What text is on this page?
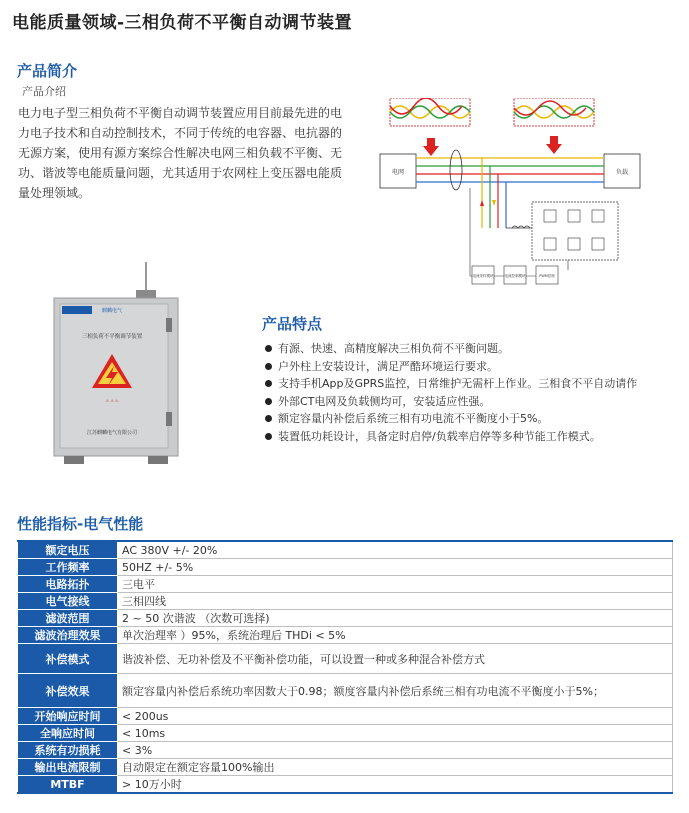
电能质量领域-三相负荷不平衡自动调节装置
产品简介
产品介绍
电力电子型三相负荷不平衡自动调节装置应用目前最先进的电力电子技术和自动控制技术，不同于传统的电容器、电抗器的无源方案，使用有源方案综合性解决电网三相负载不平衡、无功、谐波等电能质量问题，尤其适用于农网柱上变压器电能质量处理领域。
电网	负载
电流采样模块	电流控制模块	PWM控制
麒麟电气
三相负荷不平衡调节装置
⚠ ⚠ ⚠
江苏麒麟电气有限公司
产品特点
有源、快速、高精度解决三相负荷不平衡问题。
户外柱上安装设计，满足严酷环境运行要求。
支持手机App及GPRS监控，日常维护无需杆上作业。三相食不平自动请作
外部CT电网及负载侧均可，安装适应性强。
额定容量内补偿后系统三相有功电流不平衡度小于5%。
装置低功耗设计，具备定时启停/负载率启停等多种节能工作模式。
性能指标-电气性能
额定电压	AC 380V +/- 20%
工作频率	50HZ +/- 5%
电路拓扑	三电平
电气接线	三相四线
滤波范围	2 ~ 50 次谐波 （次数可选择)
滤波治理效果	单次治理率 ）95%，系统治理后 THDi < 5%
补偿模式	谐波补偿、无功补偿及不平衡补偿功能，可以设置一种或多种混合补偿方式
补偿效果	额定容量内补偿后系统功率因数大于0.98；额度容量内补偿后系统三相有功电流不平衡度小于5%；
开始响应时间	< 200us
全响应时间	< 10ms
系统有功损耗	< 3%
输出电流限制	自动限定在额定容量100%输出
MTBF	> 10万小时
